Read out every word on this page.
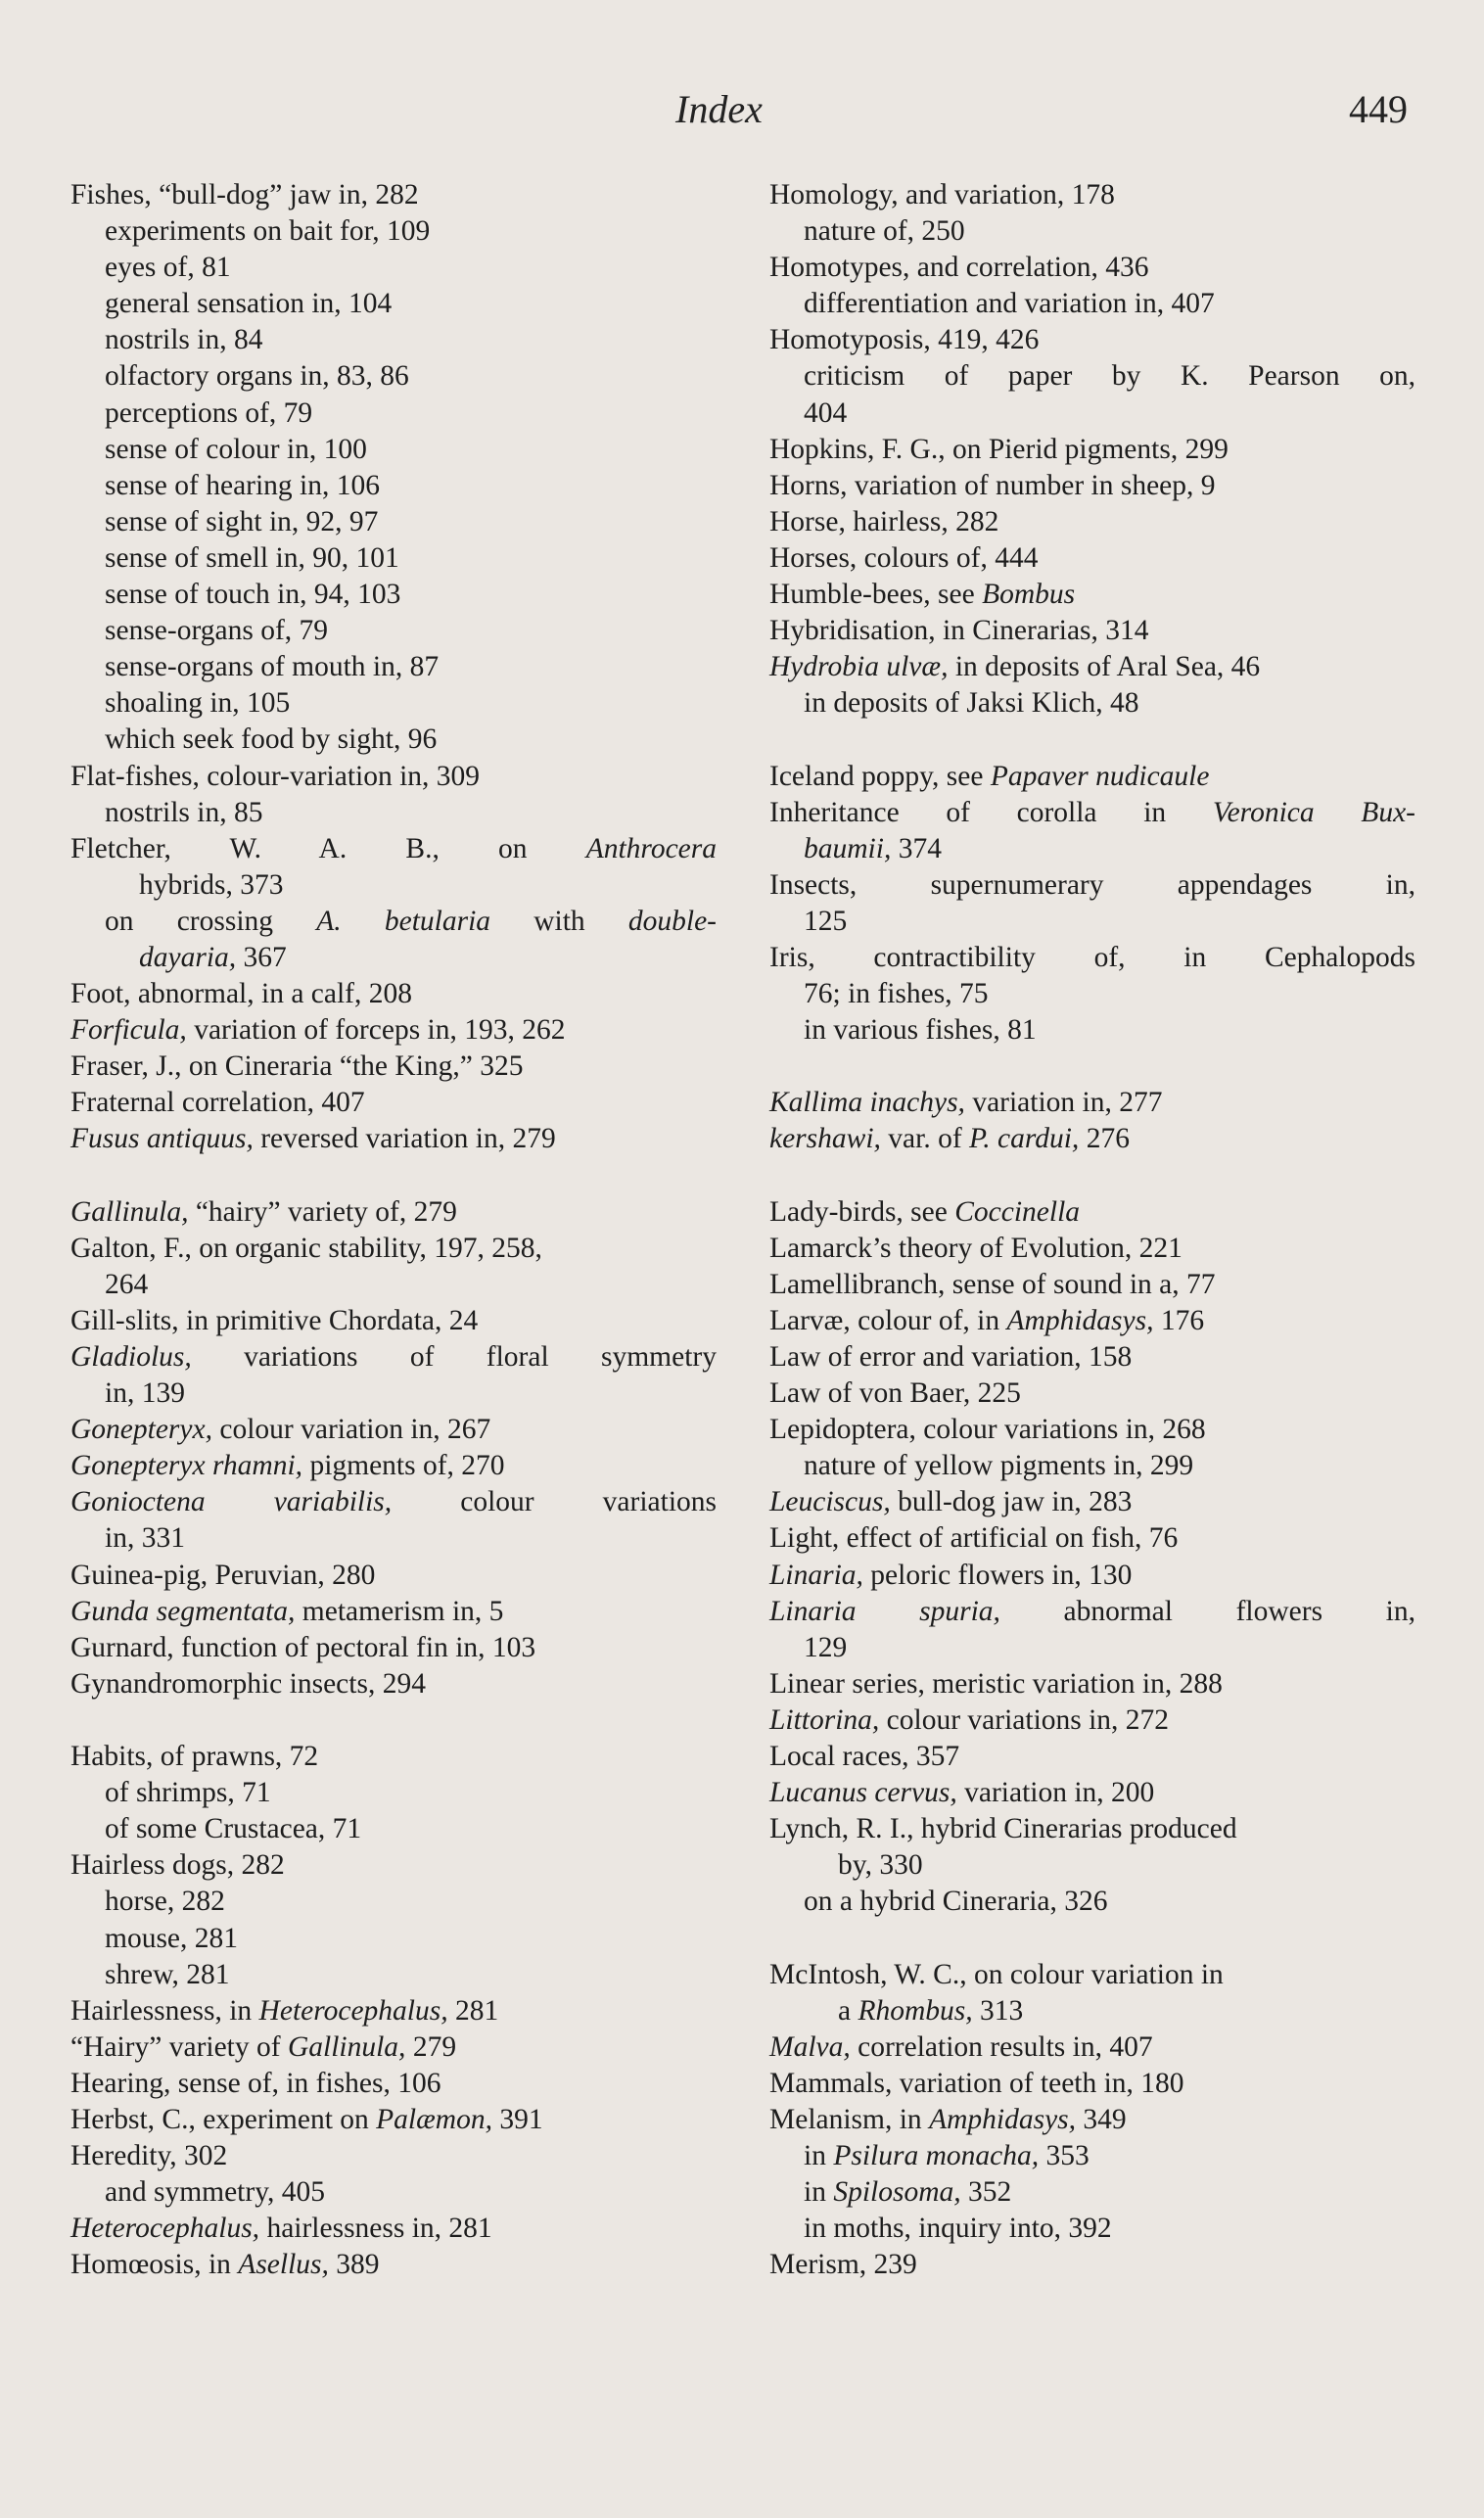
Index	449
Fishes, “bull-dog” jaw in, 282
experiments on bait for, 109
eyes of, 81
general sensation in, 104
nostrils in, 84
olfactory organs in, 83, 86
perceptions of, 79
sense of colour in, 100
sense of hearing in, 106
sense of sight in, 92, 97
sense of smell in, 90, 101
sense of touch in, 94, 103
sense-organs of, 79
sense-organs of mouth in, 87
shoaling in, 105
which seek food by sight, 96
Flat-fishes, colour-variation in, 309
nostrils in, 85
Fletcher, W. A. B., on Anthrocera
hybrids, 373
on crossing A. betularia with double-
dayaria, 367
Foot, abnormal, in a calf, 208
Forficula, variation of forceps in, 193, 262
Fraser, J., on Cineraria “the King,” 325
Fraternal correlation, 407
Fusus antiquus, reversed variation in, 279
Gallinula, “hairy” variety of, 279
Galton, F., on organic stability, 197, 258,
264
Gill-slits, in primitive Chordata, 24
Gladiolus, variations of floral symmetry
in, 139
Gonepteryx, colour variation in, 267
Gonepteryx rhamni, pigments of, 270
Gonioctena variabilis, colour variations
in, 331
Guinea-pig, Peruvian, 280
Gunda segmentata, metamerism in, 5
Gurnard, function of pectoral fin in, 103
Gynandromorphic insects, 294
Habits, of prawns, 72
of shrimps, 71
of some Crustacea, 71
Hairless dogs, 282
horse, 282
mouse, 281
shrew, 281
Hairlessness, in Heterocephalus, 281
“Hairy” variety of Gallinula, 279
Hearing, sense of, in fishes, 106
Herbst, C., experiment on Palæmon, 391
Heredity, 302
and symmetry, 405
Heterocephalus, hairlessness in, 281
Homœosis, in Asellus, 389
Homology, and variation, 178
nature of, 250
Homotypes, and correlation, 436
differentiation and variation in, 407
Homotyposis, 419, 426
criticism of paper by K. Pearson on,
404
Hopkins, F. G., on Pierid pigments, 299
Horns, variation of number in sheep, 9
Horse, hairless, 282
Horses, colours of, 444
Humble-bees, see Bombus
Hybridisation, in Cinerarias, 314
Hydrobia ulvæ, in deposits of Aral Sea, 46
in deposits of Jaksi Klich, 48
Iceland poppy, see Papaver nudicaule
Inheritance of corolla in Veronica Bux-
baumii, 374
Insects, supernumerary appendages in,
125
Iris, contractibility of, in Cephalopods
76; in fishes, 75
in various fishes, 81
Kallima inachys, variation in, 277
kershawi, var. of P. cardui, 276
Lady-birds, see Coccinella
Lamarck’s theory of Evolution, 221
Lamellibranch, sense of sound in a, 77
Larvæ, colour of, in Amphidasys, 176
Law of error and variation, 158
Law of von Baer, 225
Lepidoptera, colour variations in, 268
nature of yellow pigments in, 299
Leuciscus, bull-dog jaw in, 283
Light, effect of artificial on fish, 76
Linaria, peloric flowers in, 130
Linaria spuria, abnormal flowers in,
129
Linear series, meristic variation in, 288
Littorina, colour variations in, 272
Local races, 357
Lucanus cervus, variation in, 200
Lynch, R. I., hybrid Cinerarias produced
by, 330
on a hybrid Cineraria, 326
McIntosh, W. C., on colour variation in
a Rhombus, 313
Malva, correlation results in, 407
Mammals, variation of teeth in, 180
Melanism, in Amphidasys, 349
in Psilura monacha, 353
in Spilosoma, 352
in moths, inquiry into, 392
Merism, 239
